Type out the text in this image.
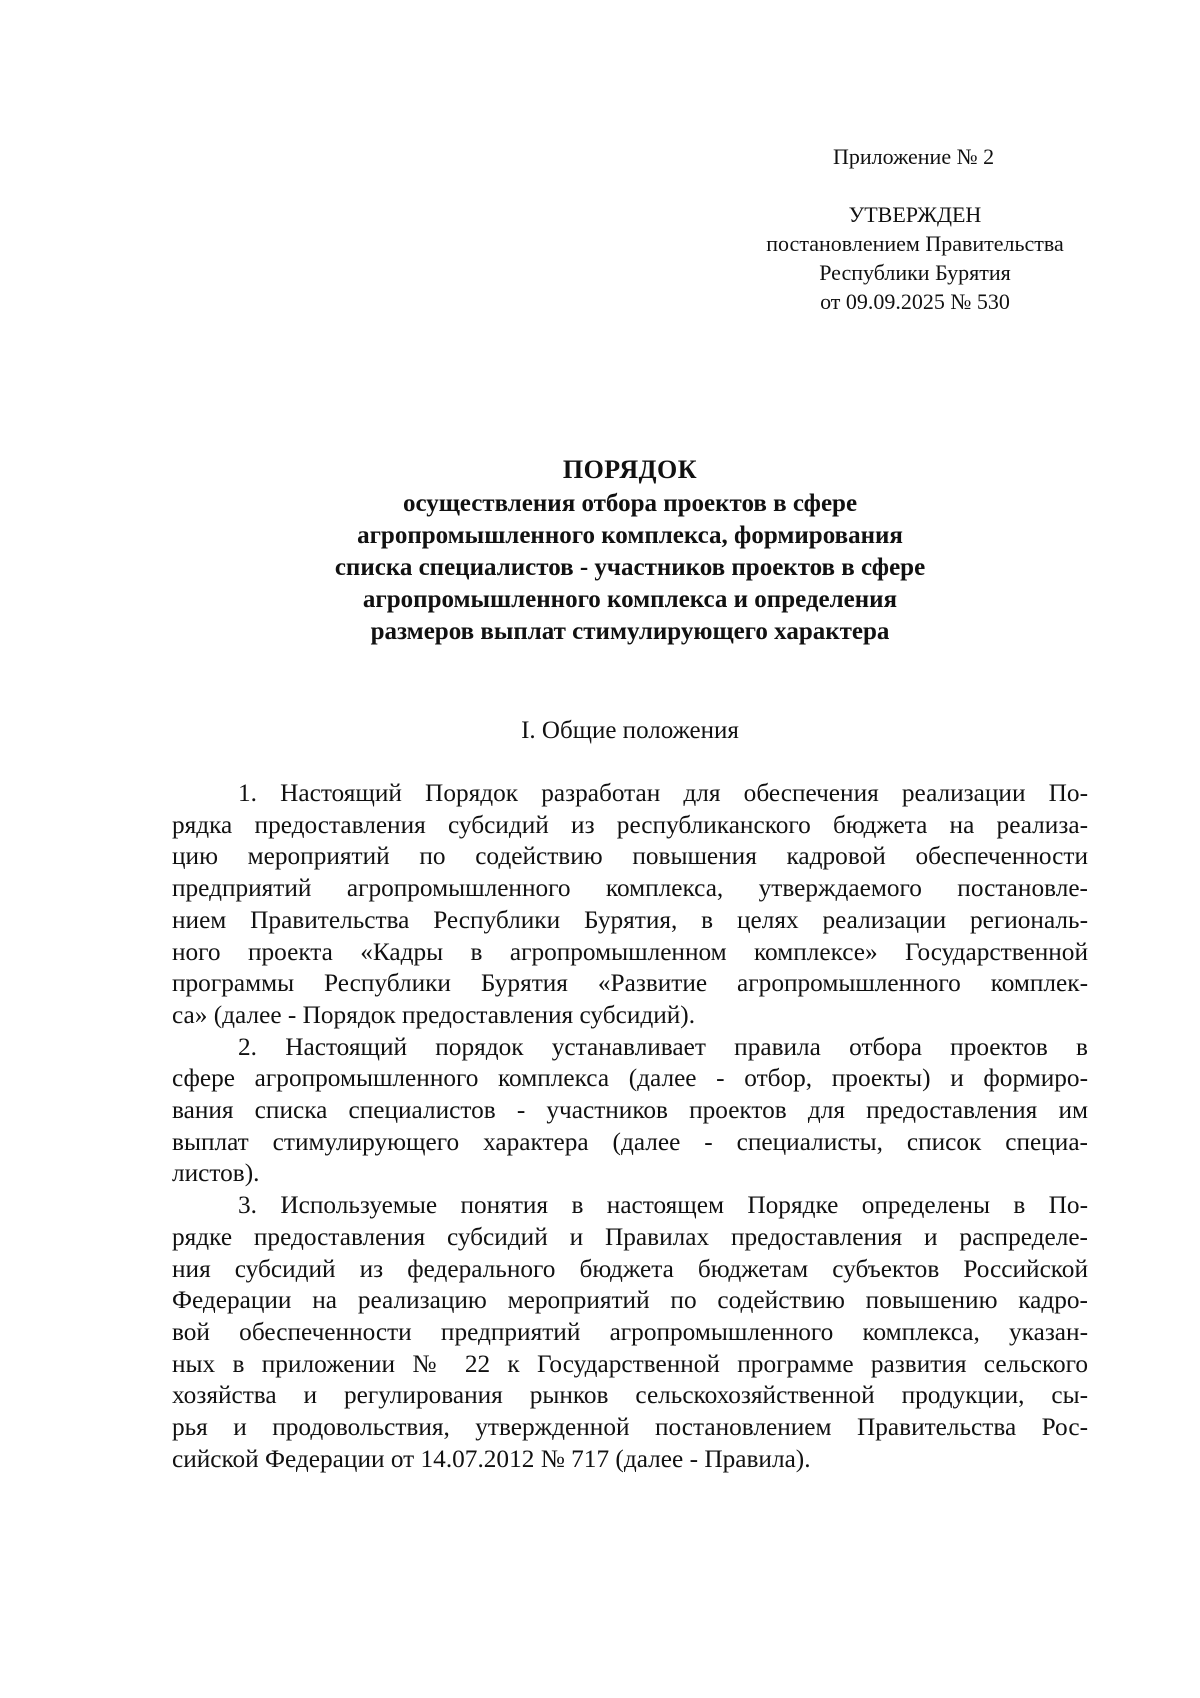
Приложение № 2
УТВЕРЖДЕН
постановлением Правительства
Республики Бурятия
от 09.09.2025 № 530
ПОРЯДОК
осуществления отбора проектов в сфере
агропромышленного комплекса, формирования
списка специалистов - участников проектов в сфере
агропромышленного комплекса и определения
размеров выплат стимулирующего характера
I. Общие положения
1. Настоящий Порядок разработан для обеспечения реализации По-
рядка предоставления субсидий из республиканского бюджета на реализа-
цию мероприятий по содействию повышения кадровой обеспеченности
предприятий агропромышленного комплекса, утверждаемого постановле-
нием Правительства Республики Бурятия, в целях реализации региональ-
ного проекта «Кадры в агропромышленном комплексе» Государственной
программы Республики Бурятия «Развитие агропромышленного комплек-
са» (далее - Порядок предоставления субсидий).
2. Настоящий порядок устанавливает правила отбора проектов в
сфере агропромышленного комплекса (далее - отбор, проекты) и формиро-
вания списка специалистов - участников проектов для предоставления им
выплат стимулирующего характера (далее - специалисты, список специа-
листов).
3. Используемые понятия в настоящем Порядке определены в По-
рядке предоставления субсидий и Правилах предоставления и распределе-
ния субсидий из федерального бюджета бюджетам субъектов Российской
Федерации на реализацию мероприятий по содействию повышению кадро-
вой обеспеченности предприятий агропромышленного комплекса, указан-
ных в приложении № 22 к Государственной программе развития сельского
хозяйства и регулирования рынков сельскохозяйственной продукции, сы-
рья и продовольствия, утвержденной постановлением Правительства Рос-
сийской Федерации от 14.07.2012 № 717 (далее - Правила).
